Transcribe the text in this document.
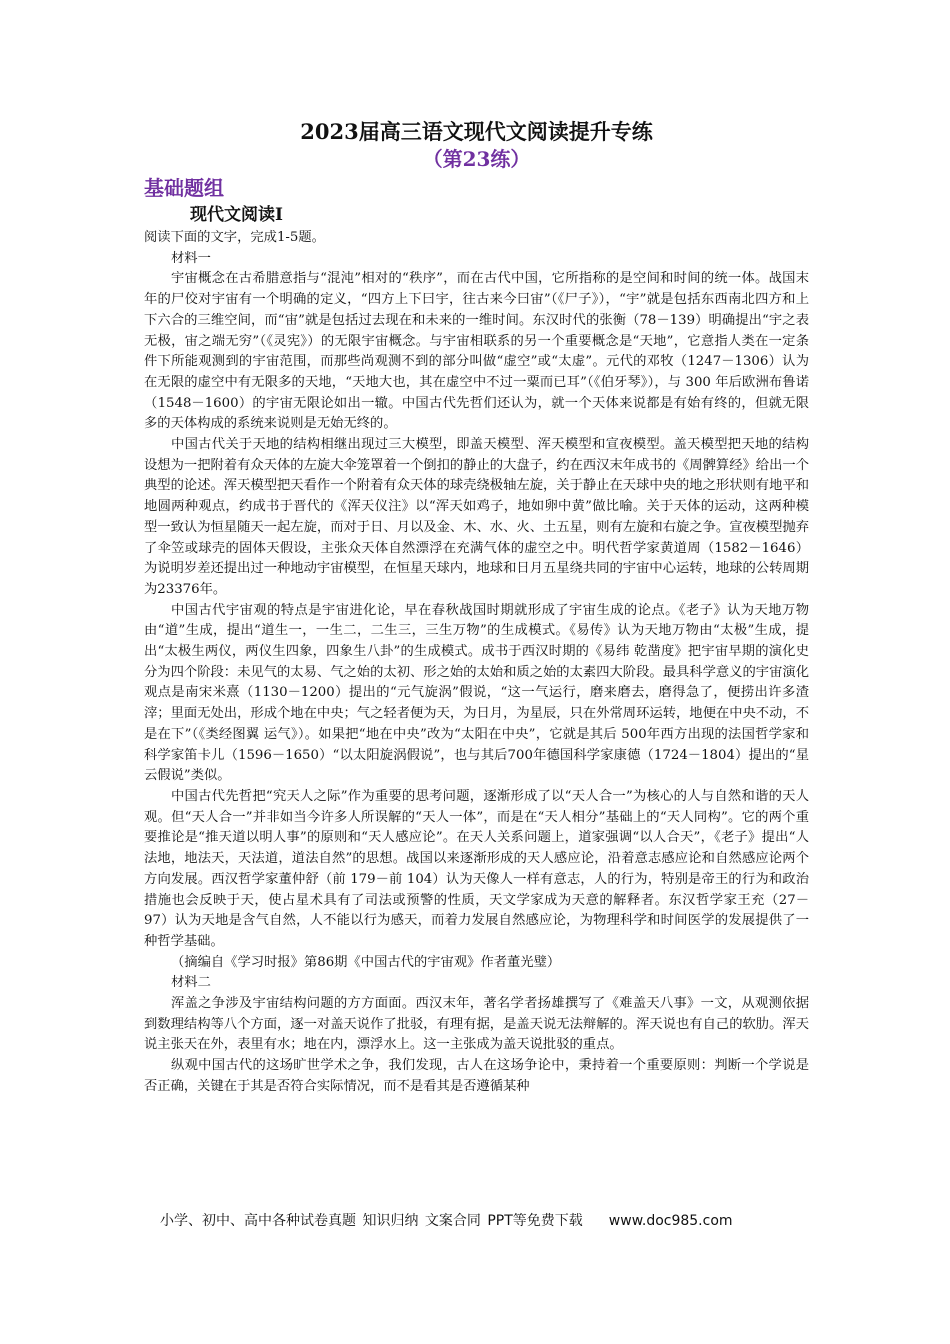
2023届高三语文现代文阅读提升专练
（第23练）
基础题组
现代文阅读Ⅰ
阅读下面的文字，完成1-5题。
材料一

宇宙概念在古希腊意指与“混沌”相对的“秩序”，而在古代中国，它所指称的是空间和时间的统一体。战国末年的尸佼对宇宙有一个明确的定义，“四方上下曰宇，往古来今曰宙”（《尸子》），“宇”就是包括东西南北四方和上下六合的三维空间，而“宙”就是包括过去现在和未来的一维时间。东汉时代的张衡（78－139）明确提出“宇之表无极，宙之端无穷”（《灵宪》）的无限宇宙概念。与宇宙相联系的另一个重要概念是“天地”，它意指人类在一定条件下所能观测到的宇宙范围，而那些尚观测不到的部分叫做“虚空”或“太虚”。元代的邓牧（1247－1306）认为在无限的虚空中有无限多的天地，“天地大也，其在虚空中不过一粟而已耳”（《伯牙琴》），与 300 年后欧洲布鲁诺（1548－1600）的宇宙无限论如出一辙。中国古代先哲们还认为，就一个天体来说都是有始有终的，但就无限多的天体构成的系统来说则是无始无终的。

中国古代关于天地的结构相继出现过三大模型，即盖天模型、浑天模型和宣夜模型。盖天模型把天地的结构设想为一把附着有众天体的左旋大伞笼罩着一个倒扣的静止的大盘子，约在西汉末年成书的《周髀算经》给出一个典型的论述。浑天模型把天看作一个附着有众天体的球壳绕极轴左旋，关于静止在天球中央的地之形状则有地平和地圆两种观点，约成书于晋代的《浑天仪注》以“浑天如鸡子，地如卵中黄”做比喻。关于天体的运动，这两种模型一致认为恒星随天一起左旋，而对于日、月以及金、木、水、火、土五星，则有左旋和右旋之争。宣夜模型抛弃了伞笠或球壳的固体天假设，主张众天体自然漂浮在充满气体的虚空之中。明代哲学家黄道周（1582－1646）为说明岁差还提出过一种地动宇宙模型，在恒星天球内，地球和日月五星绕共同的宇宙中心运转，地球的公转周期为23376年。

中国古代宇宙观的特点是宇宙进化论，早在春秋战国时期就形成了宇宙生成的论点。《老子》认为天地万物由“道”生成，提出“道生一，一生二，二生三，三生万物”的生成模式。《易传》认为天地万物由“太极”生成，提出“太极生两仪，两仪生四象，四象生八卦”的生成模式。成书于西汉时期的《易纬 乾凿度》把宇宙早期的演化史分为四个阶段：未见气的太易、气之始的太初、形之始的太始和质之始的太素四大阶段。最具科学意义的宇宙演化观点是南宋米熹（1130－1200）提出的“元气旋涡”假说，“这一气运行，磨来磨去，磨得急了，便捞出许多渣滓；里面无处出，形成个地在中央；气之轻者便为天，为日月，为星辰，只在外常周环运转，地便在中央不动，不是在下”（《类经图翼 运气》）。如果把“地在中央”改为“太阳在中央”，它就是其后 500年西方出现的法国哲学家和科学家笛卡儿（1596－1650）“以太阳旋涡假说”，也与其后700年德国科学家康德（1724－1804）提出的“星云假说”类似。

中国古代先哲把“究天人之际”作为重要的思考问题，逐渐形成了以“天人合一”为核心的人与自然和谐的天人观。但“天人合一”并非如当今许多人所误解的“天人一体”，而是在“天人相分”基础上的“天人同构”。它的两个重要推论是“推天道以明人事”的原则和“天人感应论”。在天人关系问题上，道家强调“以人合天”，《老子》提出“人法地，地法天，天法道，道法自然”的思想。战国以来逐渐形成的天人感应论，沿着意志感应论和自然感应论两个方向发展。西汉哲学家董仲舒（前 179－前 104）认为天像人一样有意志，人的行为，特别是帝王的行为和政治措施也会反映于天，使占星术具有了司法或预警的性质，天文学家成为天意的解释者。东汉哲学家王充（27－97）认为天地是含气自然，人不能以行为感天，而着力发展自然感应论，为物理科学和时间医学的发展提供了一种哲学基础。

（摘编自《学习时报》第86期《中国古代的宇宙观》作者董光璧）
材料二

浑盖之争涉及宇宙结构问题的方方面面。西汉末年，著名学者扬雄撰写了《难盖天八事》一文，从观测依据到数理结构等八个方面，逐一对盖天说作了批驳，有理有据，是盖天说无法辩解的。浑天说也有自己的软肋。浑天说主张天在外，表里有水；地在内，漂浮水上。这一主张成为盖天说批驳的重点。

纵观中国古代的这场旷世学术之争，我们发现，古人在这场争论中，秉持着一个重要原则：判断一个学说是否正确，关键在于其是否符合实际情况，而不是看其是否遵循某种

小学、初中、高中各种试卷真题 知识归纳 文案合同 PPT等免费下载 www.doc985.com
